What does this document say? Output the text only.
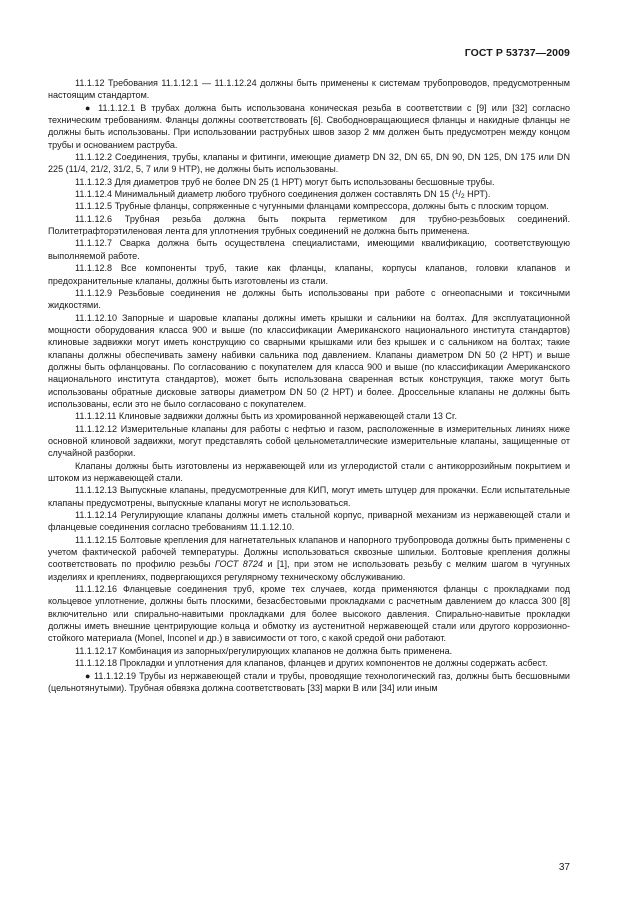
ГОСТ Р 53737—2009

11.1.12 Требования 11.1.12.1 — 11.1.12.24 должны быть применены к системам трубопроводов, предусмотренным настоящим стандартом.

● 11.1.12.1 В трубах должна быть использована коническая резьба в соответствии с [9] или [32] согласно техническим требованиям. Фланцы должны соответствовать [6]. Свободновращающиеся фланцы и накидные фланцы не должны быть использованы. При использовании раструбных швов зазор 2 мм должен быть предусмотрен между концом трубы и основанием раструба.

11.1.12.2 Соединения, трубы, клапаны и фитинги, имеющие диаметр DN 32, DN 65, DN 90, DN 125, DN 175 или DN 225 (11/4, 21/2, 31/2, 5, 7 или 9 НТР), не должны быть использованы.

11.1.12.3 Для диаметров труб не более DN 25 (1 НРТ) могут быть использованы бесшовные трубы.

11.1.12.4 Минимальный диаметр любого трубного соединения должен составлять DN 15 ($^1/_2$ НРТ).

11.1.12.5 Трубные фланцы, сопряженные с чугунными фланцами компрессора, должны быть с плоским торцом.

11.1.12.6 Трубная резьба должна быть покрыта герметиком для трубно-резьбовых соединений. Политетрафторэтиленовая лента для уплотнения трубных соединений не должна быть применена.

11.1.12.7 Сварка должна быть осуществлена специалистами, имеющими квалификацию, соответствующую выполняемой работе.

11.1.12.8 Все компоненты труб, такие как фланцы, клапаны, корпусы клапанов, головки клапанов и предохранительные клапаны, должны быть изготовлены из стали.

11.1.12.9 Резьбовые соединения не должны быть использованы при работе с огнеопасными и токсичными жидкостями.

11.1.12.10 Запорные и шаровые клапаны должны иметь крышки и сальники на болтах. Для эксплуатационной мощности оборудования класса 900 и выше (по классификации Американского национального института стандартов) клиновые задвижки могут иметь конструкцию со сварными крышками или без крышек и с сальником на болтах; такие клапаны должны обеспечивать замену набивки сальника под давлением. Клапаны диаметром DN 50 (2 НРТ) и выше должны быть офланцованы. По согласованию с покупателем для класса 900 и выше (по классификации Американского национального института стандартов), может быть использована сваренная встык конструкция, также могут быть использованы обратные дисковые затворы диаметром DN 50 (2 НРТ) и более. Дроссельные клапаны не должны быть использованы, если это не было согласовано с покупателем.

11.1.12.11 Клиновые задвижки должны быть из хромированной нержавеющей стали 13 Cr.

11.1.12.12 Измерительные клапаны для работы с нефтью и газом, расположенные в измерительных линиях ниже основной клиновой задвижки, могут представлять собой цельнометаллические измерительные клапаны, защищенные от случайной разборки.

Клапаны должны быть изготовлены из нержавеющей или из углеродистой стали с антикоррозийным покрытием и штоком из нержавеющей стали.

11.1.12.13 Выпускные клапаны, предусмотренные для КИП, могут иметь штуцер для прокачки. Если испытательные клапаны предусмотрены, выпускные клапаны могут не использоваться.

11.1.12.14 Регулирующие клапаны должны иметь стальной корпус, приварной механизм из нержавеющей стали и фланцевые соединения согласно требованиям 11.1.12.10.

11.1.12.15 Болтовые крепления для нагнетательных клапанов и напорного трубопровода должны быть применены с учетом фактической рабочей температуры. Должны использоваться сквозные шпильки. Болтовые крепления должны соответствовать по профилю резьбы ГОСТ 8724 и [1], при этом не использовать резьбу с мелким шагом в чугунных изделиях и креплениях, подвергающихся регулярному техническому обслуживанию.

11.1.12.16 Фланцевые соединения труб, кроме тех случаев, когда применяются фланцы с прокладками под кольцевое уплотнение, должны быть плоскими, безасбестовыми прокладками с расчетным давлением до класса 300 [8] включительно или спирально-навитыми прокладками для более высокого давления. Спирально-навитые прокладки должны иметь внешние центрирующие кольца и обмотку из аустенитной нержавеющей стали или другого коррозионно-стойкого материала (Monel, Inconel и др.) в зависимости от того, с какой средой они работают.

11.1.12.17 Комбинация из запорных/регулирующих клапанов не должна быть применена.

11.1.12.18 Прокладки и уплотнения для клапанов, фланцев и других компонентов не должны содержать асбест.

● 11.1.12.19 Трубы из нержавеющей стали и трубы, проводящие технологический газ, должны быть бесшовными (цельнотянутыми). Трубная обвязка должна соответствовать [33] марки В или [34] или иным

37
